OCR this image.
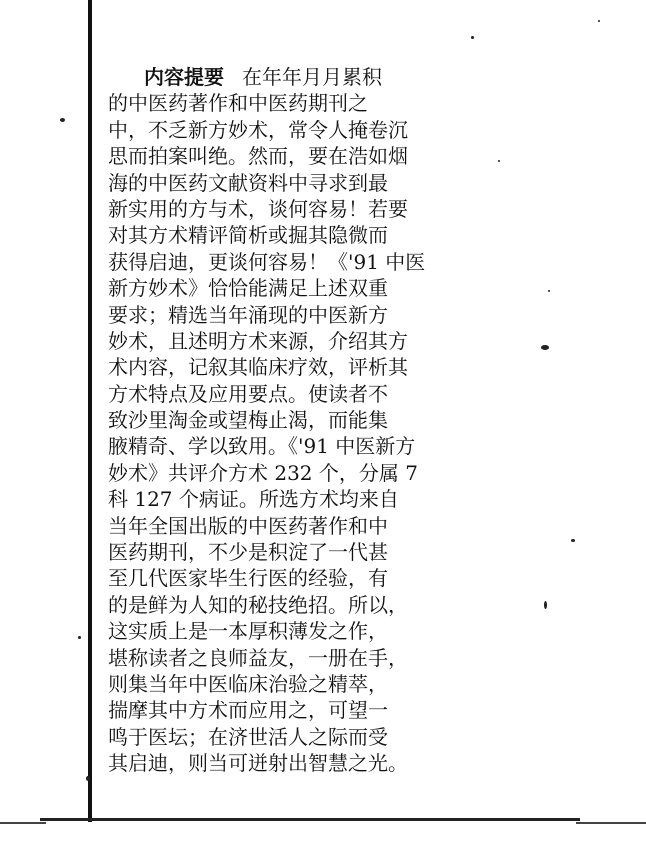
内容提要 在年年月月累积
的中医药著作和中医药期刊之
中，不乏新方妙术，常令人掩卷沉
思而拍案叫绝。然而，要在浩如烟
海的中医药文献资料中寻求到最
新实用的方与术，谈何容易！若要
对其方术精评简析或掘其隐微而
获得启迪，更谈何容易！《'91 中医
新方妙术》恰恰能满足上述双重
要求；精选当年涌现的中医新方
妙术，且述明方术来源，介绍其方
术内容，记叙其临床疗效，评析其
方术特点及应用要点。使读者不
致沙里淘金或望梅止渴，而能集
腋精奇、学以致用。《'91 中医新方
妙术》共评介方术 232 个，分属 7
科 127 个病证。所选方术均来自
当年全国出版的中医药著作和中
医药期刊，不少是积淀了一代甚
至几代医家毕生行医的经验，有
的是鲜为人知的秘技绝招。所以，
这实质上是一本厚积薄发之作，
堪称读者之良师益友，一册在手，
则集当年中医临床治验之精萃，
揣摩其中方术而应用之，可望一
鸣于医坛；在济世活人之际而受
其启迪，则当可迸射出智慧之光。
